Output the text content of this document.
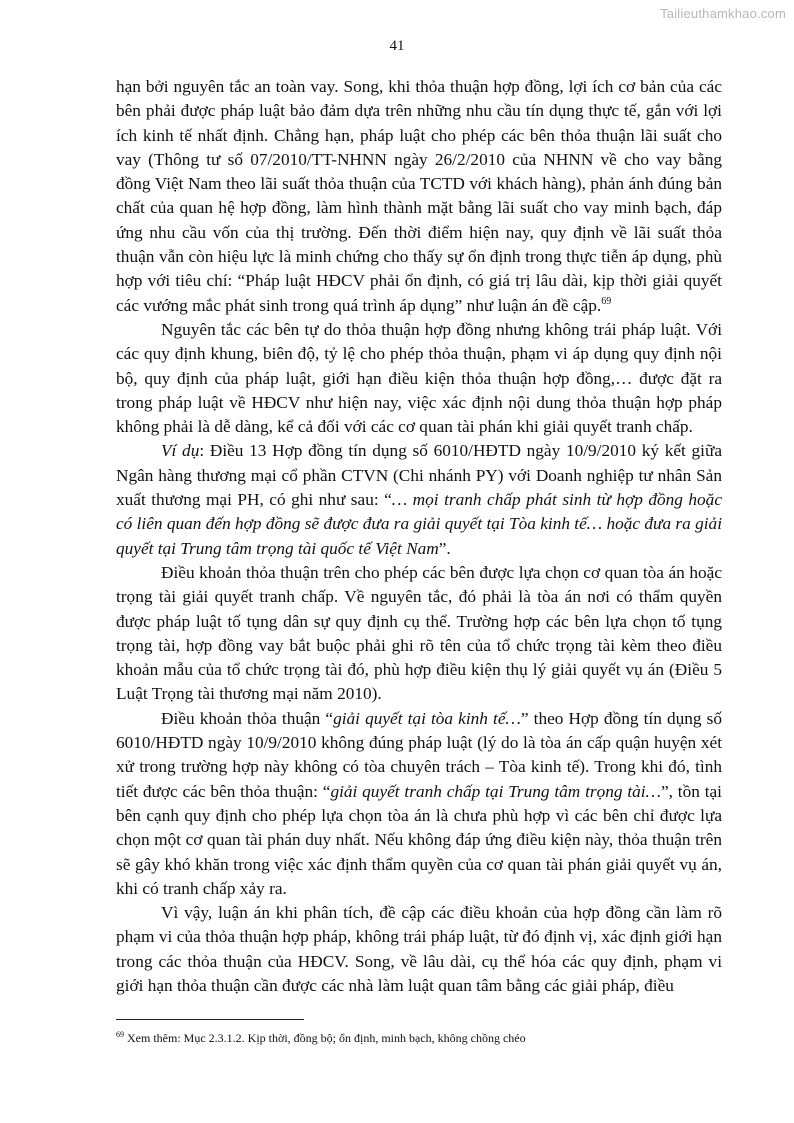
Tailieuthamkhao.com
41

hạn bởi nguyên tắc an toàn vay. Song, khi thỏa thuận hợp đồng, lợi ích cơ bản của các bên phải được pháp luật bảo đảm dựa trên những nhu cầu tín dụng thực tế, gắn với lợi ích kinh tế nhất định. Chẳng hạn, pháp luật cho phép các bên thỏa thuận lãi suất cho vay (Thông tư số 07/2010/TT-NHNN ngày 26/2/2010 của NHNN về cho vay bằng đồng Việt Nam theo lãi suất thỏa thuận của TCTD với khách hàng), phản ánh đúng bản chất của quan hệ hợp đồng, làm hình thành mặt bằng lãi suất cho vay minh bạch, đáp ứng nhu cầu vốn của thị trường. Đến thời điểm hiện nay, quy định về lãi suất thỏa thuận vẫn còn hiệu lực là minh chứng cho thấy sự ổn định trong thực tiễn áp dụng, phù hợp với tiêu chí: “Pháp luật HĐCV phải ổn định, có giá trị lâu dài, kịp thời giải quyết các vướng mắc phát sinh trong quá trình áp dụng” như luận án đề cập.$^{69}$

Nguyên tắc các bên tự do thỏa thuận hợp đồng nhưng không trái pháp luật. Với các quy định khung, biên độ, tỷ lệ cho phép thỏa thuận, phạm vi áp dụng quy định nội bộ, quy định của pháp luật, giới hạn điều kiện thỏa thuận hợp đồng,… được đặt ra trong pháp luật về HĐCV như hiện nay, việc xác định nội dung thỏa thuận hợp pháp không phải là dễ dàng, kể cả đối với các cơ quan tài phán khi giải quyết tranh chấp.

Ví dụ: Điều 13 Hợp đồng tín dụng số 6010/HĐTD ngày 10/9/2010 ký kết giữa Ngân hàng thương mại cổ phần CTVN (Chi nhánh PY) với Doanh nghiệp tư nhân Sản xuất thương mại PH, có ghi như sau: “… mọi tranh chấp phát sinh từ hợp đồng hoặc có liên quan đến hợp đồng sẽ được đưa ra giải quyết tại Tòa kinh tế… hoặc đưa ra giải quyết tại Trung tâm trọng tài quốc tế Việt Nam”.

Điều khoản thỏa thuận trên cho phép các bên được lựa chọn cơ quan tòa án hoặc trọng tài giải quyết tranh chấp. Về nguyên tắc, đó phải là tòa án nơi có thẩm quyền được pháp luật tố tụng dân sự quy định cụ thể. Trường hợp các bên lựa chọn tố tụng trọng tài, hợp đồng vay bắt buộc phải ghi rõ tên của tổ chức trọng tài kèm theo điều khoản mẫu của tổ chức trọng tài đó, phù hợp điều kiện thụ lý giải quyết vụ án (Điều 5 Luật Trọng tài thương mại năm 2010).

Điều khoản thỏa thuận “giải quyết tại tòa kinh tế…” theo Hợp đồng tín dụng số 6010/HĐTD ngày 10/9/2010 không đúng pháp luật (lý do là tòa án cấp quận huyện xét xử trong trường hợp này không có tòa chuyên trách – Tòa kinh tế). Trong khi đó, tình tiết được các bên thỏa thuận: “giải quyết tranh chấp tại Trung tâm trọng tài…”, tồn tại bên cạnh quy định cho phép lựa chọn tòa án là chưa phù hợp vì các bên chỉ được lựa chọn một cơ quan tài phán duy nhất. Nếu không đáp ứng điều kiện này, thỏa thuận trên sẽ gây khó khăn trong việc xác định thẩm quyền của cơ quan tài phán giải quyết vụ án, khi có tranh chấp xảy ra.

Vì vậy, luận án khi phân tích, đề cập các điều khoản của hợp đồng cần làm rõ phạm vi của thỏa thuận hợp pháp, không trái pháp luật, từ đó định vị, xác định giới hạn trong các thỏa thuận của HĐCV. Song, về lâu dài, cụ thể hóa các quy định, phạm vi giới hạn thỏa thuận cần được các nhà làm luật quan tâm bằng các giải pháp, điều

$^{69}$ Xem thêm: Mục 2.3.1.2. Kịp thời, đồng bộ; ổn định, minh bạch, không chồng chéo
